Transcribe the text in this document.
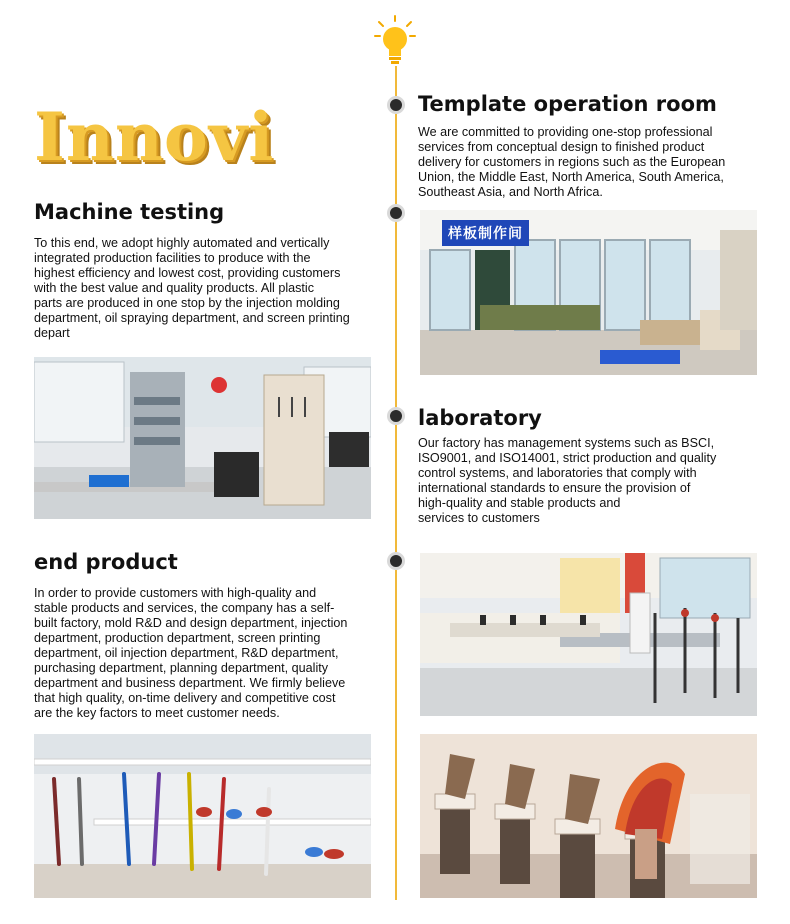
Innovi	Template operation room

We are committed to providing one-stop professional
services from conceptual design to finished product
delivery for customers in regions such as the European
Union, the Middle East, North America, South America,
Southeast Asia, and North Africa.

Machine testing

To this end, we adopt highly automated and vertically
integrated production facilities to produce with the
highest efficiency and lowest cost, providing customers
with the best value and quality products. All plastic
parts are produced in one stop by the injection molding
department, oil spraying department, and screen printing
depart

laboratory

Our factory has management systems such as BSCI,
ISO9001, and ISO14001, strict production and quality
control systems, and laboratories that comply with
international standards to ensure the provision of
high-quality and stable products and
services to customers

end product

In order to provide customers with high-quality and
stable products and services, the company has a self-
built factory, mold R&D and design department, injection
department, production department, screen printing
department, oil injection department, R&D department,
purchasing department, planning department, quality
department and business department. We firmly believe
that high quality, on-time delivery and competitive cost
are the key factors to meet customer needs.

样板制作间
